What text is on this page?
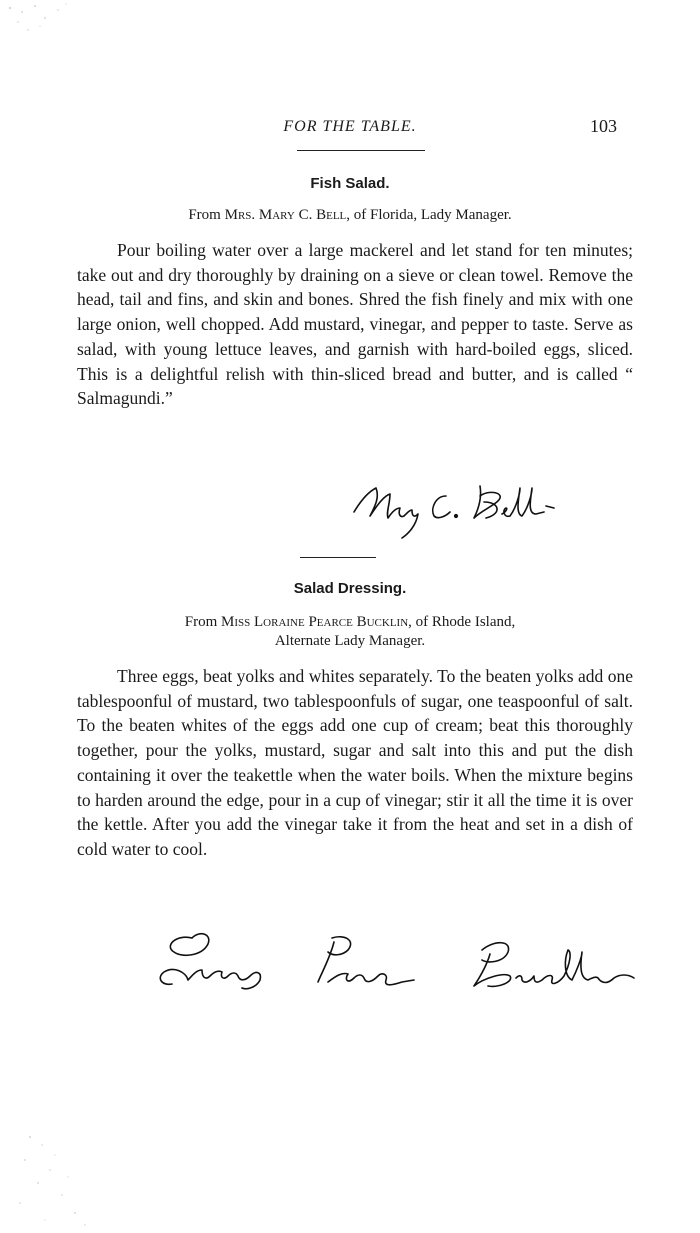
FOR THE TABLE.	103
Fish Salad.
From Mrs. Mary C. Bell, of Florida, Lady Manager.

Pour boiling water over a large mackerel and let stand for ten minutes; take out and dry thoroughly by draining on a sieve or clean towel. Remove the head, tail and fins, and skin and bones. Shred the fish finely and mix with one large onion, well chopped. Add mustard, vinegar, and pepper to taste. Serve as salad, with young lettuce leaves, and garnish with hard-boiled eggs, sliced. This is a delightful relish with thin-sliced bread and butter, and is called “ Salmagundi.”

Salad Dressing.
From Miss Loraine Pearce Bucklin, of Rhode Island,
Alternate Lady Manager.

Three eggs, beat yolks and whites separately. To the beaten yolks add one tablespoonful of mustard, two tablespoonfuls of sugar, one teaspoonful of salt. To the beaten whites of the eggs add one cup of cream; beat this thoroughly together, pour the yolks, mustard, sugar and salt into this and put the dish containing it over the teakettle when the water boils. When the mixture begins to harden around the edge, pour in a cup of vinegar; stir it all the time it is over the kettle. After you add the vinegar take it from the heat and set in a dish of cold water to cool.
